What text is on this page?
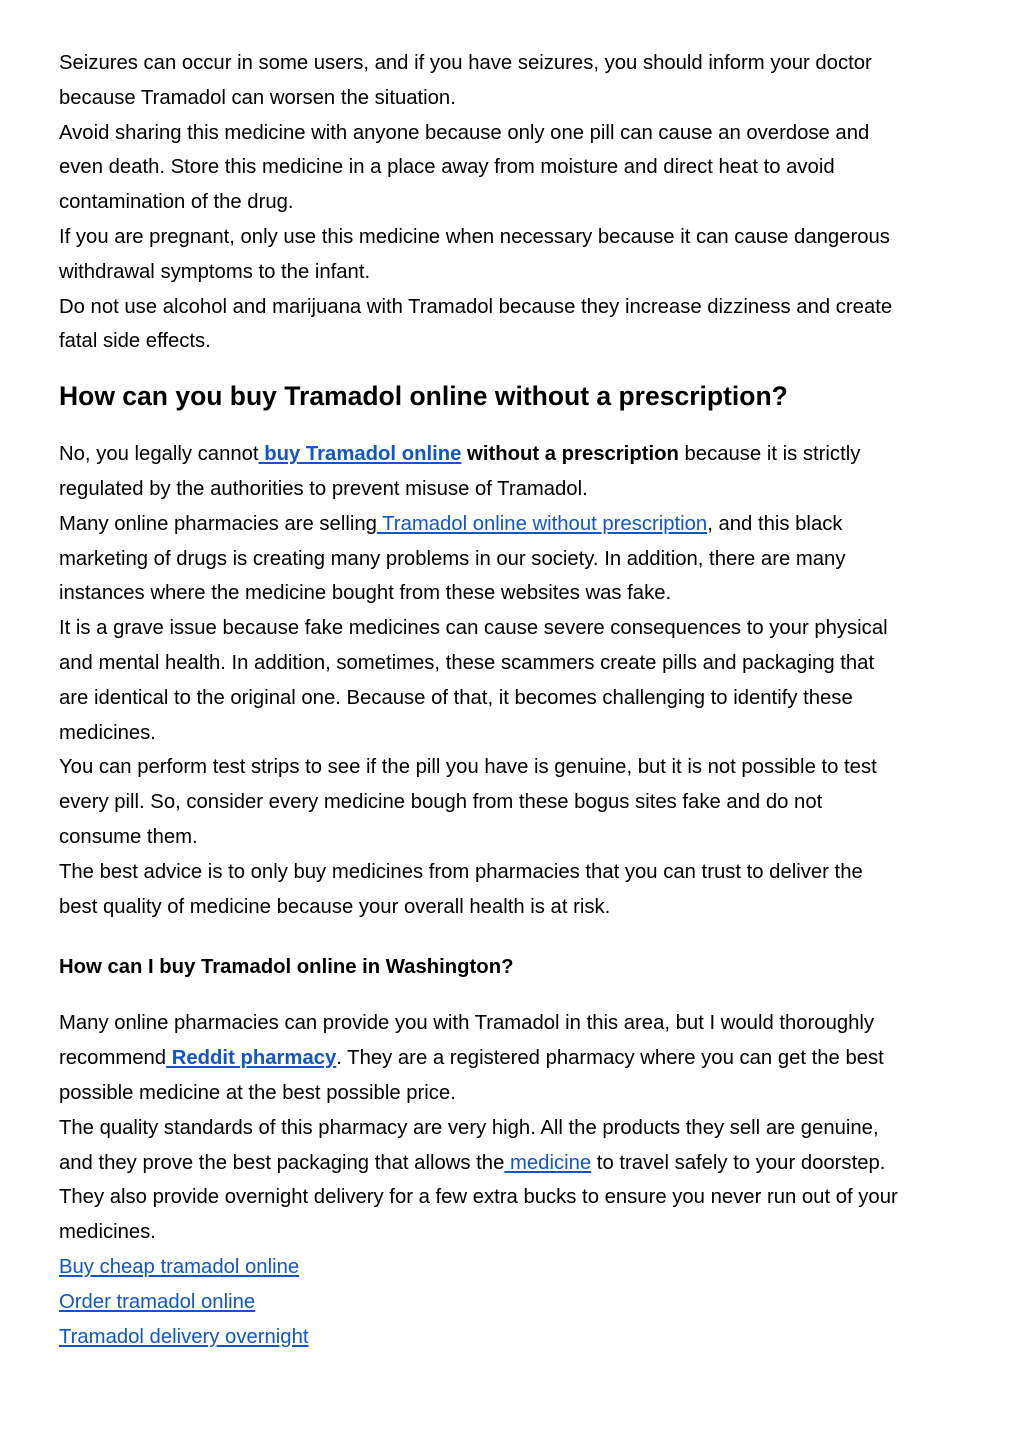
Seizures can occur in some users, and if you have seizures, you should inform your doctor
because Tramadol can worsen the situation.
Avoid sharing this medicine with anyone because only one pill can cause an overdose and
even death. Store this medicine in a place away from moisture and direct heat to avoid
contamination of the drug.
If you are pregnant, only use this medicine when necessary because it can cause dangerous
withdrawal symptoms to the infant.
Do not use alcohol and marijuana with Tramadol because they increase dizziness and create
fatal side effects.
How can you buy Tramadol online without a prescription?
No, you legally cannot buy Tramadol online without a prescription because it is strictly
regulated by the authorities to prevent misuse of Tramadol.
Many online pharmacies are selling Tramadol online without prescription, and this black
marketing of drugs is creating many problems in our society. In addition, there are many
instances where the medicine bought from these websites was fake.
It is a grave issue because fake medicines can cause severe consequences to your physical
and mental health. In addition, sometimes, these scammers create pills and packaging that
are identical to the original one. Because of that, it becomes challenging to identify these
medicines.
You can perform test strips to see if the pill you have is genuine, but it is not possible to test
every pill. So, consider every medicine bough from these bogus sites fake and do not
consume them.
The best advice is to only buy medicines from pharmacies that you can trust to deliver the
best quality of medicine because your overall health is at risk.
How can I buy Tramadol online in Washington?
Many online pharmacies can provide you with Tramadol in this area, but I would thoroughly
recommend Reddit pharmacy. They are a registered pharmacy where you can get the best
possible medicine at the best possible price.
The quality standards of this pharmacy are very high. All the products they sell are genuine,
and they prove the best packaging that allows the medicine to travel safely to your doorstep.
They also provide overnight delivery for a few extra bucks to ensure you never run out of your
medicines.
Buy cheap tramadol online
Order tramadol online
Tramadol delivery overnight
